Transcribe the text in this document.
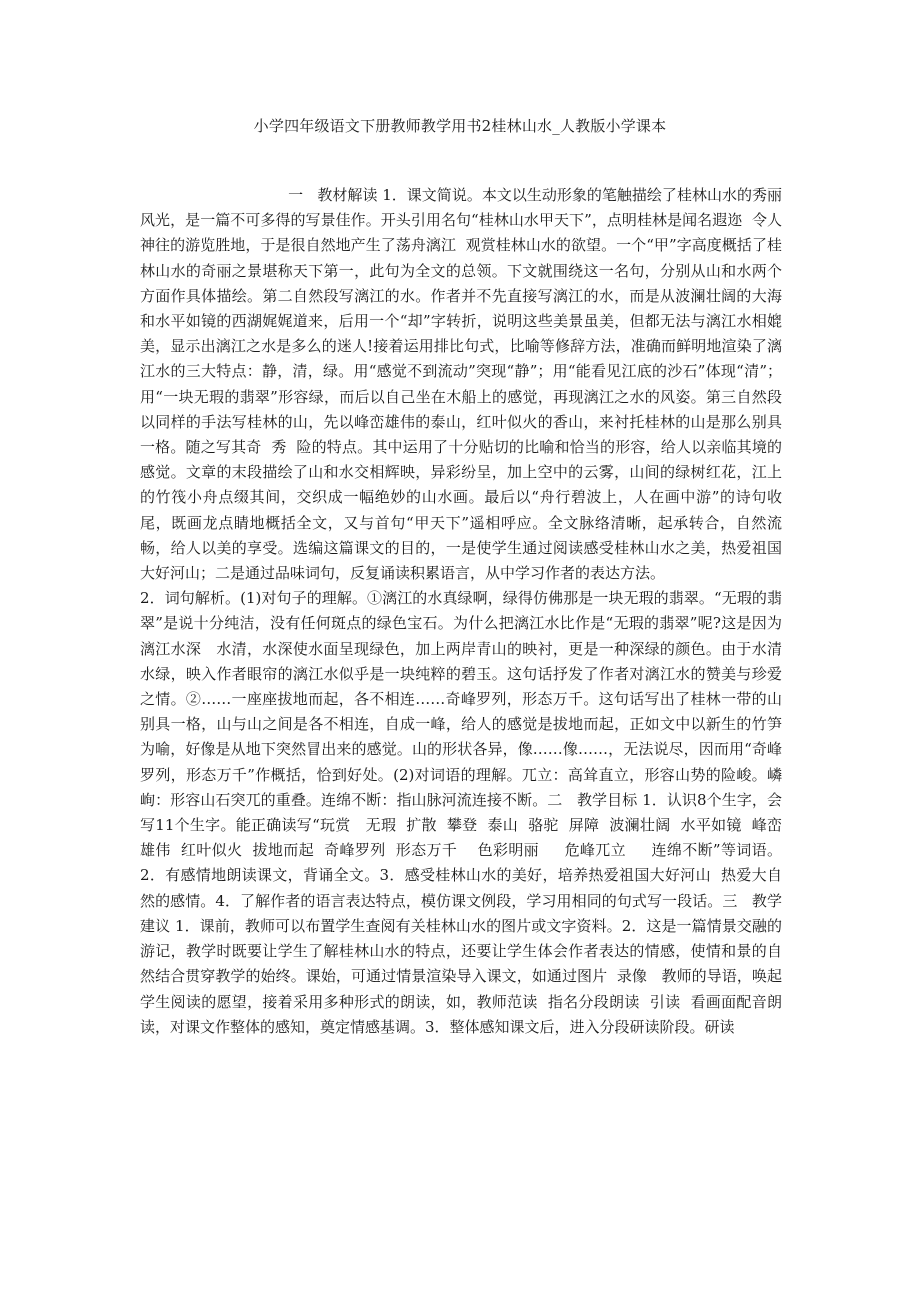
小学四年级语文下册教师教学用书2桂林山水_人教版小学课本

一   教材解读 1．课文简说。本文以生动形象的笔触描绘了桂林山水的秀丽风光，是一篇不可多得的写景佳作。开头引用名句“桂林山水甲天下”，点明桂林是闻名遐迩  令人神往的游览胜地，于是很自然地产生了荡舟漓江  观赏桂林山水的欲望。一个“甲”字高度概括了桂林山水的奇丽之景堪称天下第一，此句为全文的总领。下文就围绕这一名句，分别从山和水两个方面作具体描绘。第二自然段写漓江的水。作者并不先直接写漓江的水，而是从波澜壮阔的大海和水平如镜的西湖娓娓道来，后用一个“却”字转折，说明这些美景虽美，但都无法与漓江水相媲美，显示出漓江之水是多么的迷人!接着运用排比句式，比喻等修辞方法，准确而鲜明地渲染了漓江水的三大特点：静，清，绿。用“感觉不到流动”突现“静”；用“能看见江底的沙石”体现“清”；用“一块无瑕的翡翠”形容绿，而后以自己坐在木船上的感觉，再现漓江之水的风姿。第三自然段以同样的手法写桂林的山，先以峰峦雄伟的泰山，红叶似火的香山，来衬托桂林的山是那么别具一格。随之写其奇  秀  险的特点。其中运用了十分贴切的比喻和恰当的形容，给人以亲临其境的感觉。文章的末段描绘了山和水交相辉映，异彩纷呈，加上空中的云雾，山间的绿树红花，江上的竹筏小舟点缀其间，交织成一幅绝妙的山水画。最后以“舟行碧波上，人在画中游”的诗句收尾，既画龙点睛地概括全文，又与首句“甲天下”遥相呼应。全文脉络清晰，起承转合，自然流畅，给人以美的享受。选编这篇课文的目的，一是使学生通过阅读感受桂林山水之美，热爱祖国大好河山；二是通过品味词句，反复诵读积累语言，从中学习作者的表达方法。
2．词句解析。(1)对句子的理解。①漓江的水真绿啊，绿得仿佛那是一块无瑕的翡翠。“无瑕的翡翠”是说十分纯洁，没有任何斑点的绿色宝石。为什么把漓江水比作是“无瑕的翡翠”呢?这是因为漓江水深   水清，水深使水面呈现绿色，加上两岸青山的映衬，更是一种深绿的颜色。由于水清  水绿，映入作者眼帘的漓江水似乎是一块纯粹的碧玉。这句话抒发了作者对漓江水的赞美与珍爱之情。②……一座座拔地而起，各不相连……奇峰罗列，形态万千。这句话写出了桂林一带的山别具一格，山与山之间是各不相连，自成一峰，给人的感觉是拔地而起，正如文中以新生的竹笋为喻，好像是从地下突然冒出来的感觉。山的形状各异，像……像……，无法说尽，因而用“奇峰罗列，形态万千”作概括，恰到好处。(2)对词语的理解。兀立：高耸直立，形容山势的险峻。嶙峋：形容山石突兀的重叠。连绵不断：指山脉河流连接不断。二   教学目标 1．认识8个生字，会写11个生字。能正确读写“玩赏   无瑕  扩散  攀登  泰山  骆驼  屏障  波澜壮阔  水平如镜  峰峦雄伟  红叶似火  拔地而起  奇峰罗列  形态万千    色彩明丽     危峰兀立     连绵不断”等词语。2．有感情地朗读课文，背诵全文。3．感受桂林山水的美好，培养热爱祖国大好河山  热爱大自然的感情。4．了解作者的语言表达特点，模仿课文例段，学习用相同的句式写一段话。三   教学建议 1．课前，教师可以布置学生查阅有关桂林山水的图片或文字资料。2．这是一篇情景交融的游记，教学时既要让学生了解桂林山水的特点，还要让学生体会作者表达的情感，使情和景的自然结合贯穿教学的始终。课始，可通过情景渲染导入课文，如通过图片  录像   教师的导语，唤起学生阅读的愿望，接着采用多种形式的朗读，如，教师范读  指名分段朗读  引读  看画面配音朗读，对课文作整体的感知，奠定情感基调。3．整体感知课文后，进入分段研读阶段。研读
